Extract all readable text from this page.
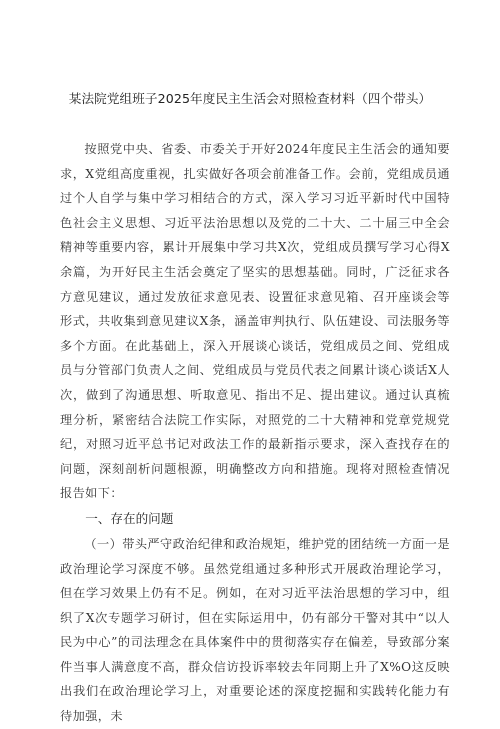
某法院党组班子2025年度民主生活会对照检查材料（四个带头）

按照党中央、省委、市委关于开好2024年度民主生活会的通知要求，X党组高度重视，扎实做好各项会前准备工作。会前，党组成员通过个人自学与集中学习相结合的方式，深入学习习近平新时代中国特色社会主义思想、习近平法治思想以及党的二十大、二十届三中全会精神等重要内容，累计开展集中学习共X次，党组成员撰写学习心得X余篇，为开好民主生活会奠定了坚实的思想基础。同时，广泛征求各方意见建议，通过发放征求意见表、设置征求意见箱、召开座谈会等形式，共收集到意见建议X条，涵盖审判执行、队伍建设、司法服务等多个方面。在此基础上，深入开展谈心谈话，党组成员之间、党组成员与分管部门负责人之间、党组成员与党员代表之间累计谈心谈话X人次，做到了沟通思想、听取意见、指出不足、提出建议。通过认真梳理分析，紧密结合法院工作实际，对照党的二十大精神和党章党规党纪，对照习近平总书记对政法工作的最新指示要求，深入查找存在的问题，深刻剖析问题根源，明确整改方向和措施。现将对照检查情况报告如下：

一、存在的问题

（一）带头严守政治纪律和政治规矩，维护党的团结统一方面一是政治理论学习深度不够。虽然党组通过多种形式开展政治理论学习，但在学习效果上仍有不足。例如，在对习近平法治思想的学习中，组织了X次专题学习研讨，但在实际运用中，仍有部分干警对其中“以人民为中心”的司法理念在具体案件中的贯彻落实存在偏差，导致部分案件当事人满意度不高，群众信访投诉率较去年同期上升了X%O这反映出我们在政治理论学习上，对重要论述的深度挖掘和实践转化能力有待加强，未
